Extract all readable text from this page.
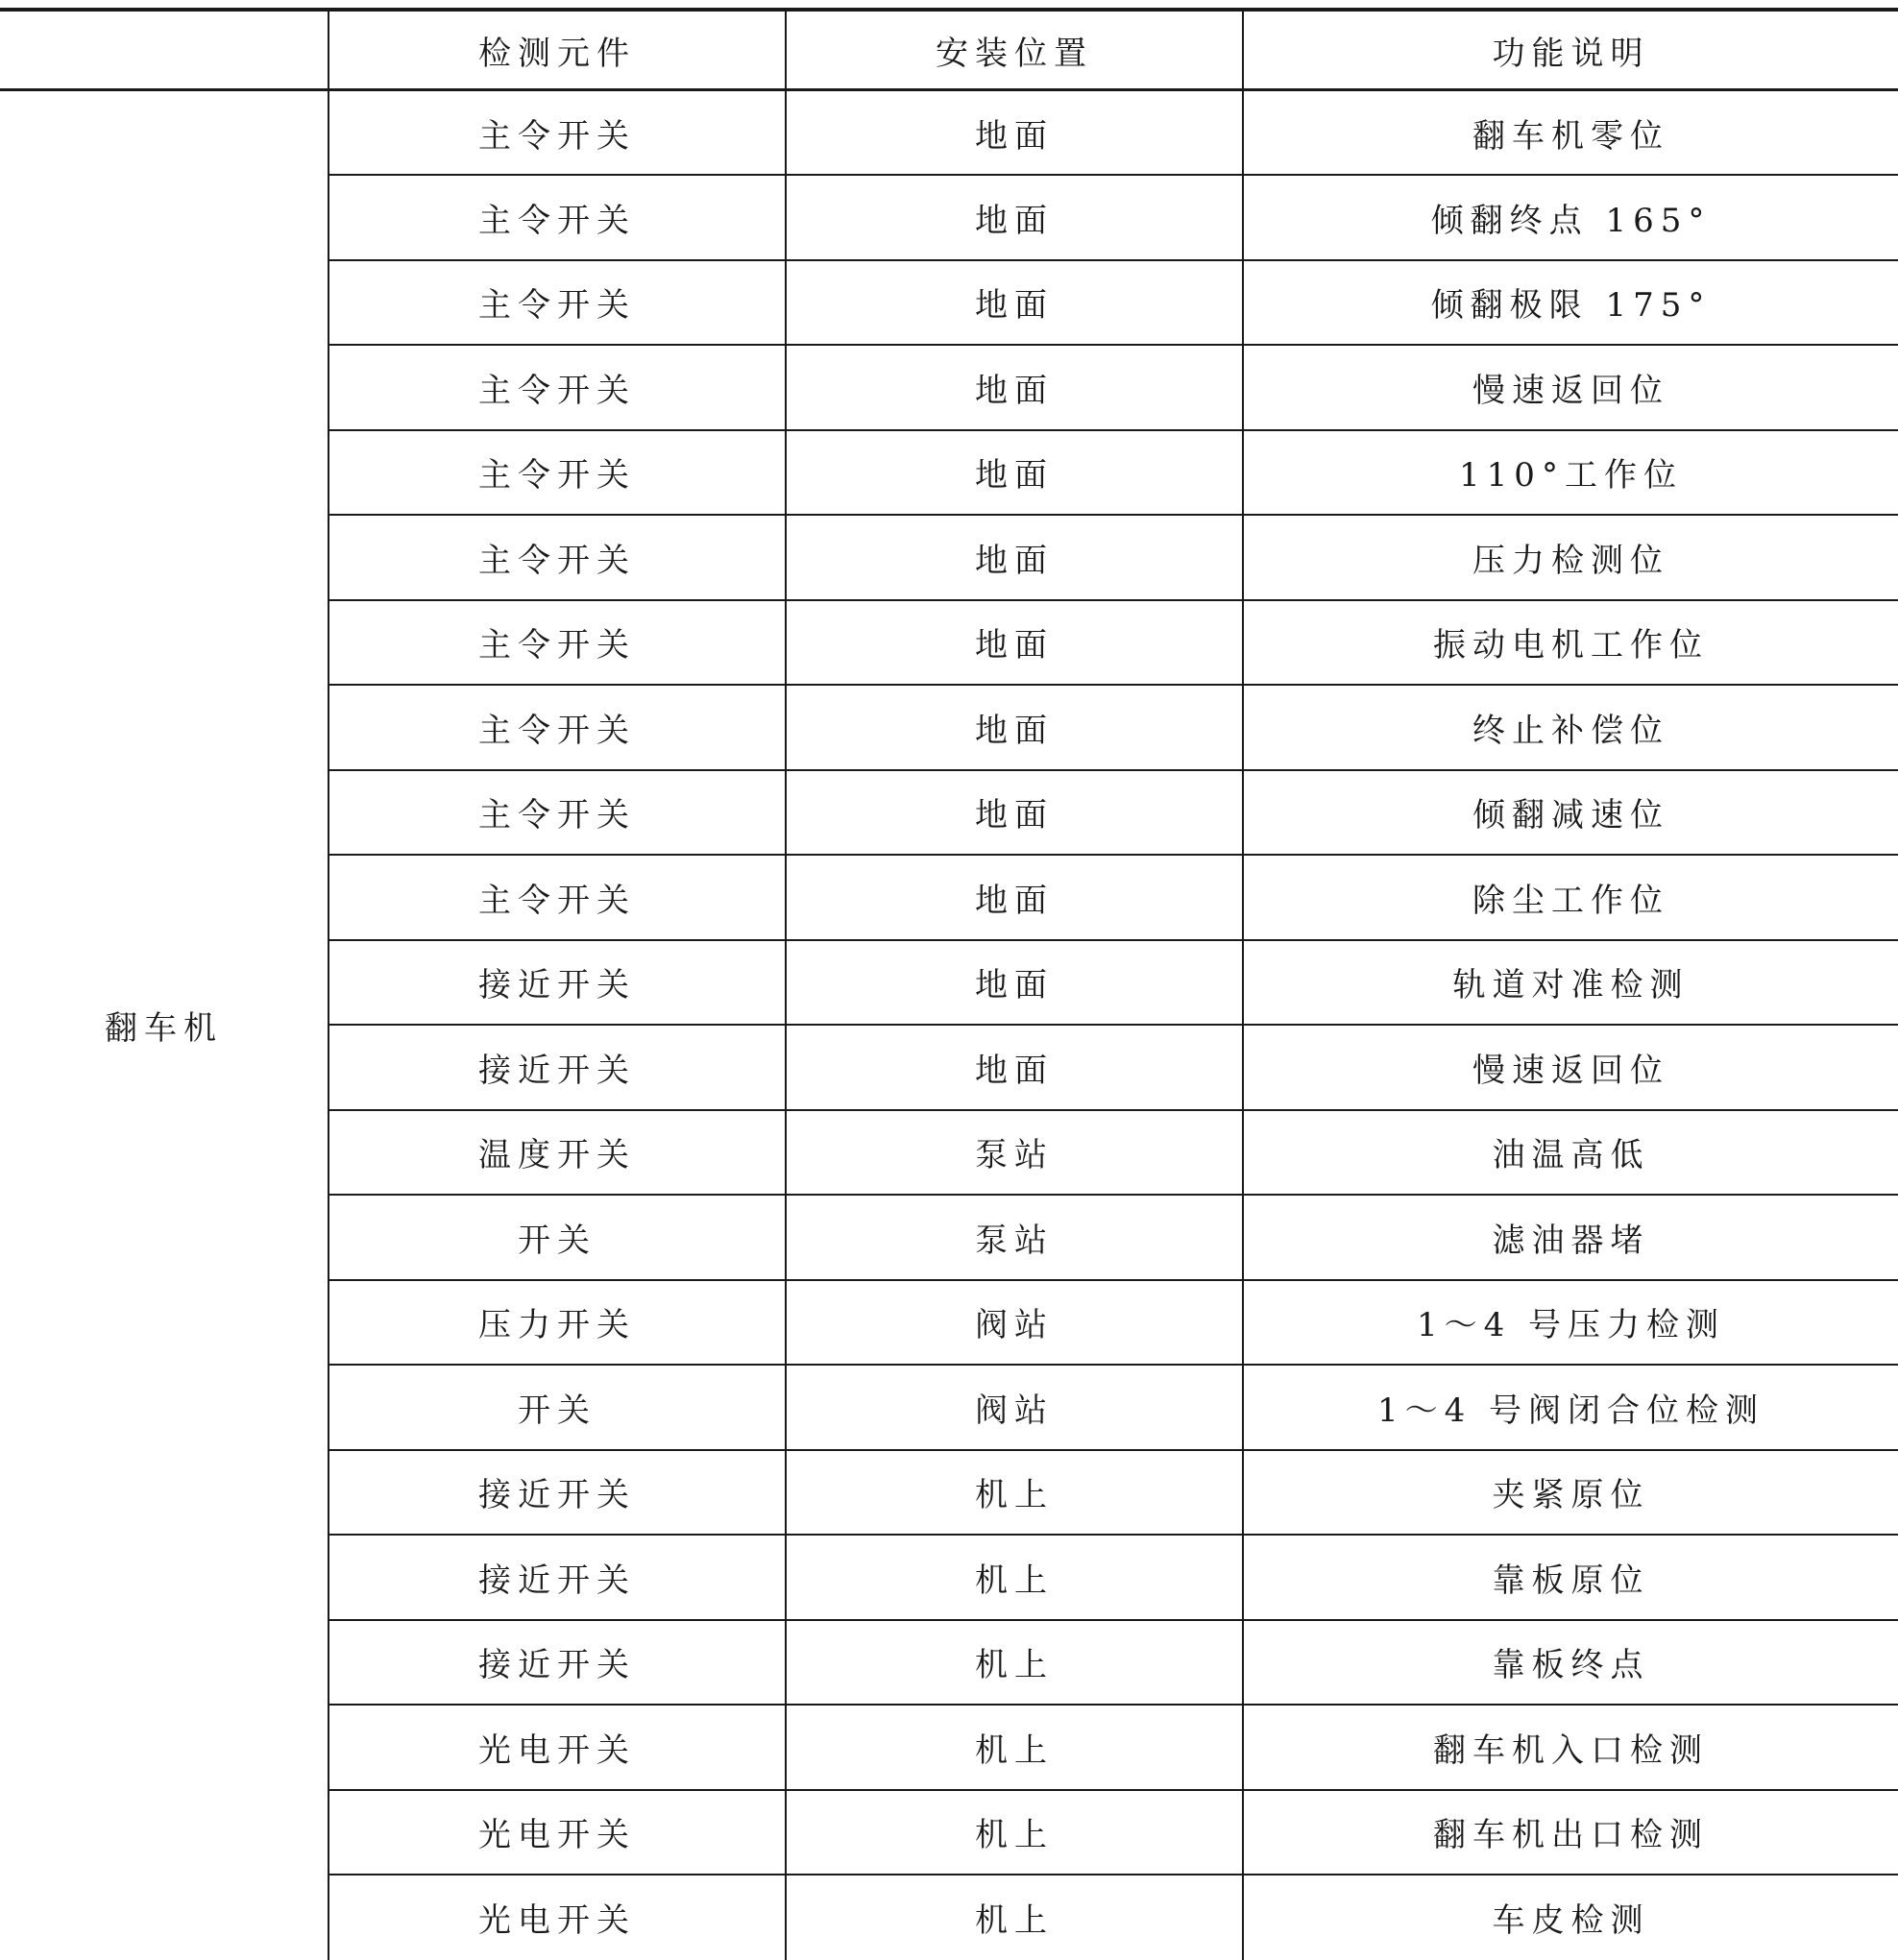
	检测元件	安装位置	功能说明
翻车机	主令开关	地面	翻车机零位
	主令开关	地面	倾翻终点 165°
	主令开关	地面	倾翻极限 175°
	主令开关	地面	慢速返回位
	主令开关	地面	110°工作位
	主令开关	地面	压力检测位
	主令开关	地面	振动电机工作位
	主令开关	地面	终止补偿位
	主令开关	地面	倾翻减速位
	主令开关	地面	除尘工作位
	接近开关	地面	轨道对准检测
	接近开关	地面	慢速返回位
	温度开关	泵站	油温高低
	开关	泵站	滤油器堵
	压力开关	阀站	1～4 号压力检测
	开关	阀站	1～4 号阀闭合位检测
	接近开关	机上	夹紧原位
	接近开关	机上	靠板原位
	接近开关	机上	靠板终点
	光电开关	机上	翻车机入口检测
	光电开关	机上	翻车机出口检测
	光电开关	机上	车皮检测
